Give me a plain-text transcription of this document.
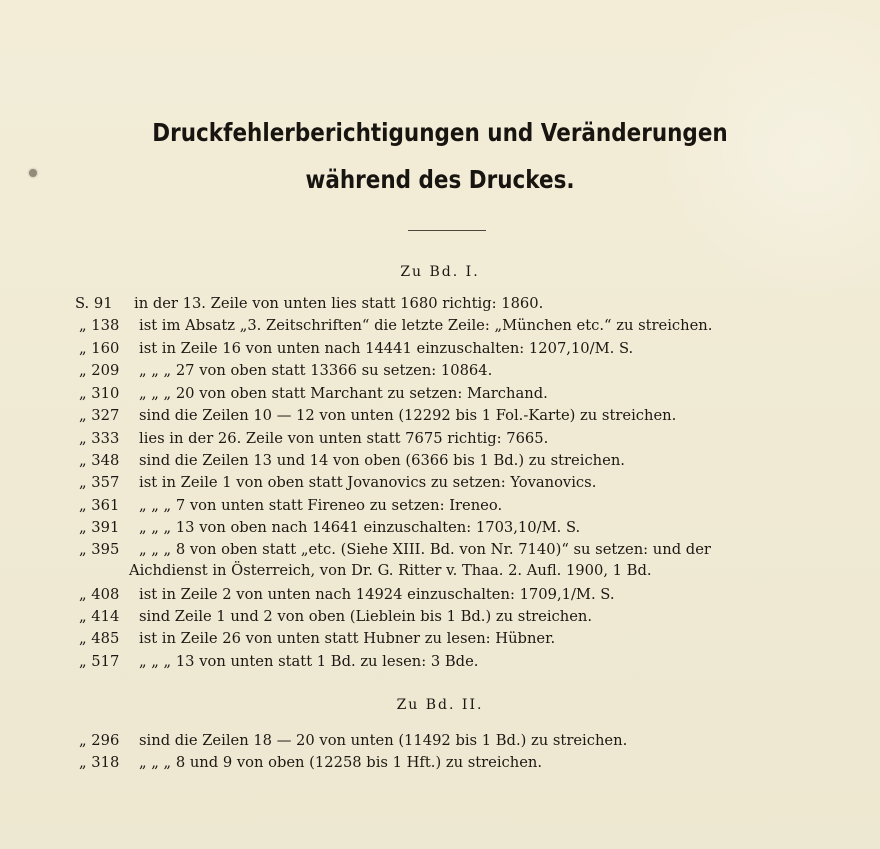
Druckfehlerberichtigungen und Veränderungen
während des Druckes.
Zu Bd. I.
S. 91 in der 13. Zeile von unten lies statt 1680 richtig: 1860.
„ 138 ist im Absatz „3. Zeitschriften“ die letzte Zeile: „München etc.“ zu streichen.
„ 160 ist in Zeile 16 von unten nach 14441 einzuschalten: 1207,10/M. S.
„ 209 „ „ „ 27 von oben statt 13366 su setzen: 10864.
„ 310 „ „ „ 20 von oben statt Marchant zu setzen: Marchand.
„ 327 sind die Zeilen 10 — 12 von unten (12292 bis 1 Fol.-Karte) zu streichen.
„ 333 lies in der 26. Zeile von unten statt 7675 richtig: 7665.
„ 348 sind die Zeilen 13 und 14 von oben (6366 bis 1 Bd.) zu streichen.
„ 357 ist in Zeile 1 von oben statt Jovanovics zu setzen: Yovanovics.
„ 361 „ „ „ 7 von unten statt Fireneo zu setzen: Ireneo.
„ 391 „ „ „ 13 von oben nach 14641 einzuschalten: 1703,10/M. S.
„ 395 „ „ „ 8 von oben statt „etc. (Siehe XIII. Bd. von Nr. 7140)“ su setzen: und der
Aichdienst in Österreich, von Dr. G. Ritter v. Thaa. 2. Aufl. 1900, 1 Bd.
„ 408 ist in Zeile 2 von unten nach 14924 einzuschalten: 1709,1/M. S.
„ 414 sind Zeile 1 und 2 von oben (Lieblein bis 1 Bd.) zu streichen.
„ 485 ist in Zeile 26 von unten statt Hubner zu lesen: Hübner.
„ 517 „ „ „ 13 von unten statt 1 Bd. zu lesen: 3 Bde.
Zu Bd. II.
„ 296 sind die Zeilen 18 — 20 von unten (11492 bis 1 Bd.) zu streichen.
„ 318 „ „ „ 8 und 9 von oben (12258 bis 1 Hft.) zu streichen.
